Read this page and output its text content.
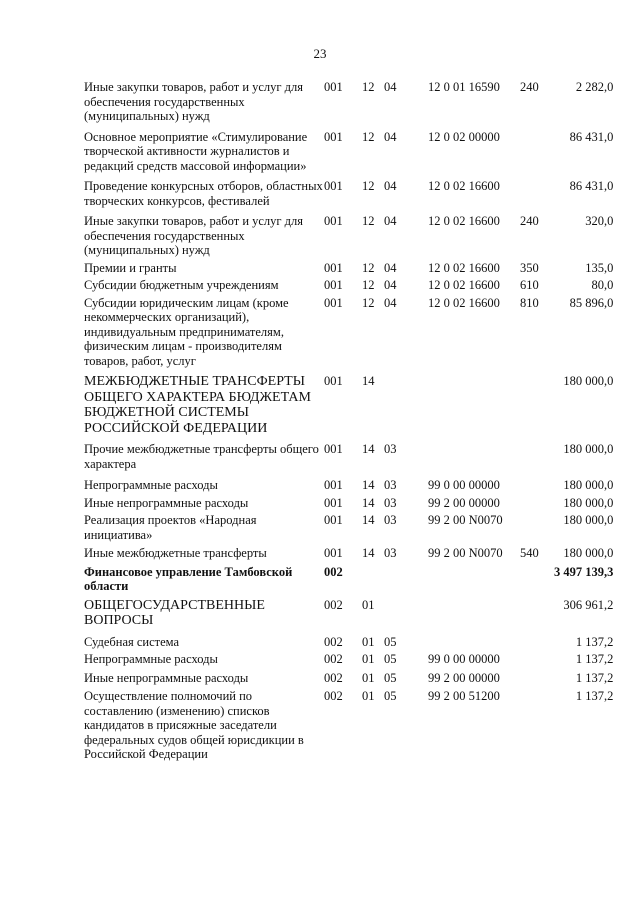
23
Иные закупки товаров, работ и услуг для обеспечения государственных (муниципальных) нужд	001	12	04	12 0 01 16590	240	2 282,0
Основное мероприятие «Стимулирование творческой активности журналистов и редакций средств массовой информации»	001	12	04	12 0 02 00000		86 431,0
Проведение конкурсных отборов, областных творческих конкурсов, фестивалей	001	12	04	12 0 02 16600		86 431,0
Иные закупки товаров, работ и услуг для обеспечения государственных (муниципальных) нужд	001	12	04	12 0 02 16600	240	320,0
Премии и гранты	001	12	04	12 0 02 16600	350	135,0
Субсидии бюджетным учреждениям	001	12	04	12 0 02 16600	610	80,0
Субсидии юридическим лицам (кроме некоммерческих организаций), индивидуальным предпринимателям, физическим лицам - производителям товаров, работ, услуг	001	12	04	12 0 02 16600	810	85 896,0
МЕЖБЮДЖЕТНЫЕ ТРАНСФЕРТЫ ОБЩЕГО ХАРАКТЕРА БЮДЖЕТАМ БЮДЖЕТНОЙ СИСТЕМЫ РОССИЙСКОЙ ФЕДЕРАЦИИ	001	14				180 000,0
Прочие межбюджетные трансферты общего характера	001	14	03			180 000,0
Непрограммные расходы	001	14	03	99 0 00 00000		180 000,0
Иные непрограммные расходы	001	14	03	99 2 00 00000		180 000,0
Реализация проектов «Народная инициатива»	001	14	03	99 2 00 N0070		180 000,0
Иные межбюджетные трансферты	001	14	03	99 2 00 N0070	540	180 000,0
Финансовое управление Тамбовской области	002					3 497 139,3
ОБЩЕГОСУДАРСТВЕННЫЕ ВОПРОСЫ	002	01				306 961,2
Судебная система	002	01	05			1 137,2
Непрограммные расходы	002	01	05	99 0 00 00000		1 137,2
Иные непрограммные расходы	002	01	05	99 2 00 00000		1 137,2
Осуществление полномочий по составлению (изменению) списков кандидатов в присяжные заседатели федеральных судов общей юрисдикции в Российской Федерации	002	01	05	99 2 00 51200		1 137,2
